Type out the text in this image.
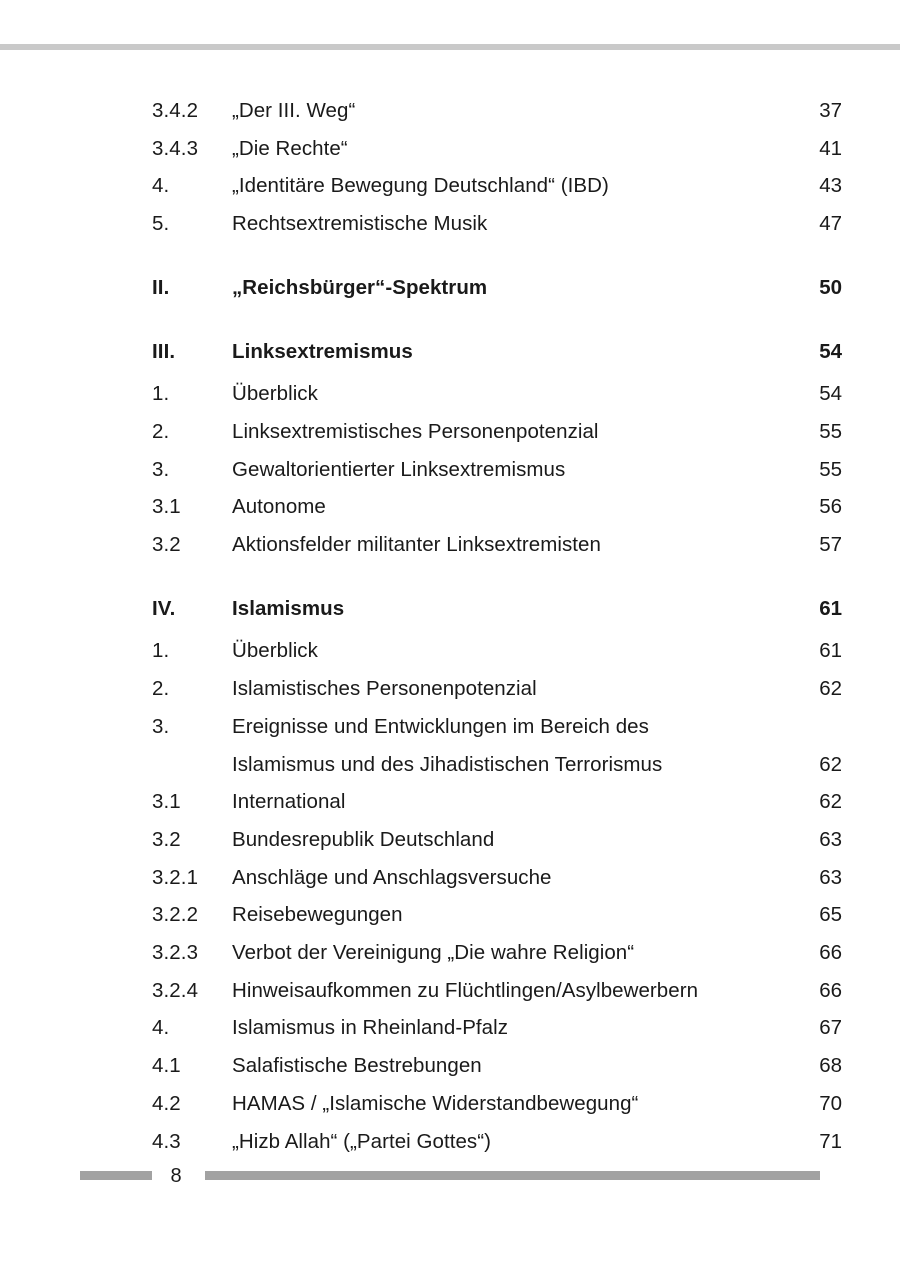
3.4.2	„Der III. Weg“	37
3.4.3	„Die Rechte“	41
4.	„Identitäre Bewegung Deutschland“ (IBD)	43
5.	Rechtsextremistische Musik	47
II.	„Reichsbürger“-Spektrum	50
III.	Linksextremismus	54
1.	Überblick	54
2.	Linksextremistisches Personenpotenzial	55
3.	Gewaltorientierter Linksextremismus	55
3.1	Autonome	56
3.2	Aktionsfelder militanter Linksextremisten	57
IV.	Islamismus	61
1.	Überblick	61
2.	Islamistisches Personenpotenzial	62
3.	Ereignisse und Entwicklungen im Bereich des
Islamismus und des Jihadistischen Terrorismus	62
3.1	International	62
3.2	Bundesrepublik Deutschland	63
3.2.1	Anschläge und Anschlagsversuche	63
3.2.2	Reisebewegungen	65
3.2.3	Verbot der Vereinigung „Die wahre Religion“	66
3.2.4	Hinweisaufkommen zu Flüchtlingen/Asylbewerbern	66
4.	Islamismus in Rheinland-Pfalz	67
4.1	Salafistische Bestrebungen	68
4.2	HAMAS / „Islamische Widerstandbewegung“	70
4.3	„Hizb Allah“ („Partei Gottes“)	71
8
